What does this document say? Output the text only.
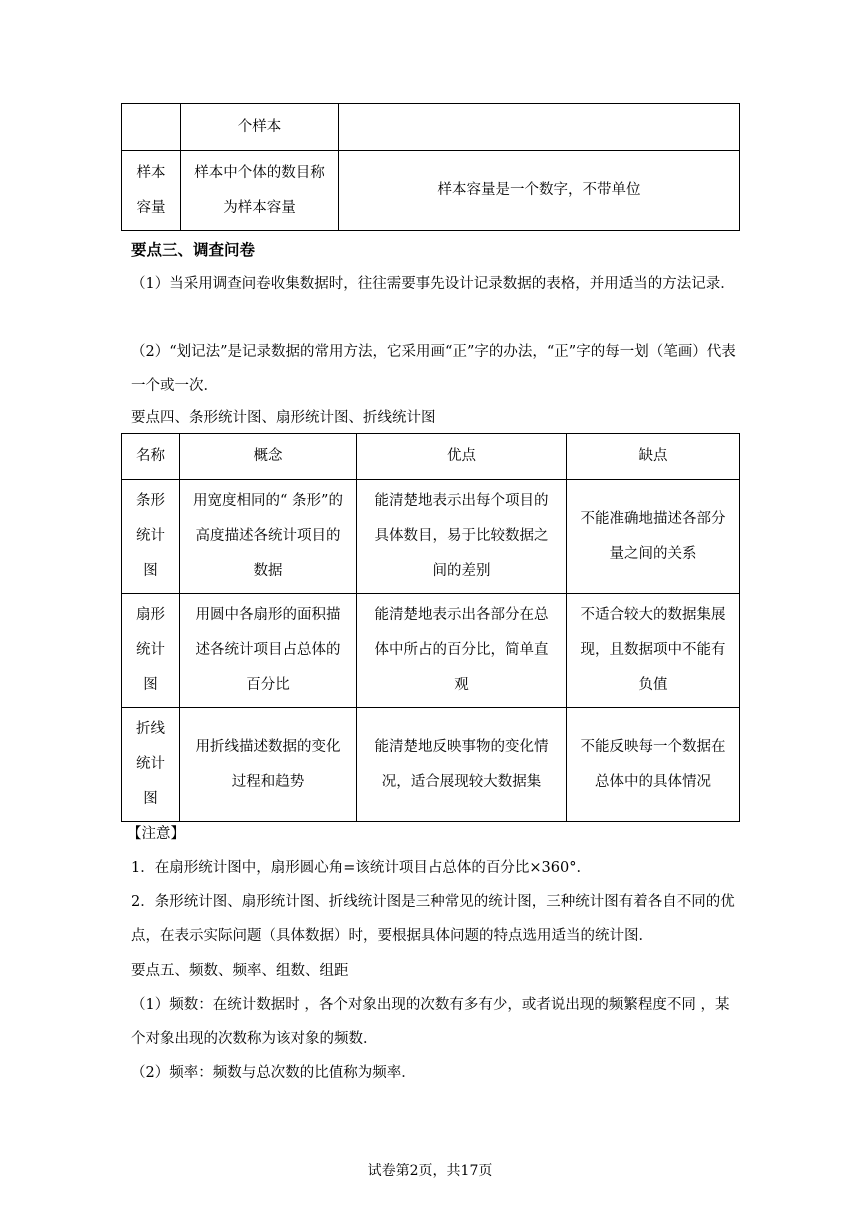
	个样本	
样本容量	样本中个体的数目称为样本容量	样本容量是一个数字，不带单位

要点三、调查问卷

（1）当采用调查问卷收集数据时，往往需要事先设计记录数据的表格，并用适当的方法记录．

（2）“划记法”是记录数据的常用方法，它采用画“正”字的办法，“正”字的每一划（笔画）代表一个或一次．

要点四、条形统计图、扇形统计图、折线统计图

名称	概念	优点	缺点
条形统计图	用宽度相同的“ 条形”的高度描述各统计项目的数据	能清楚地表示出每个项目的具体数目，易于比较数据之间的差别	不能准确地描述各部分量之间的关系
扇形统计图	用圆中各扇形的面积描述各统计项目占总体的百分比	能清楚地表示出各部分在总体中所占的百分比，简单直观	不适合较大的数据集展现，且数据项中不能有负值
折线统计图	用折线描述数据的变化过程和趋势	能清楚地反映事物的变化情况，适合展现较大数据集	不能反映每一个数据在总体中的具体情况

【注意】

1．在扇形统计图中，扇形圆心角=该统计项目占总体的百分比×360°．

2．条形统计图、扇形统计图、折线统计图是三种常见的统计图，三种统计图有着各自不同的优点，在表示实际问题（具体数据）时，要根据具体问题的特点选用适当的统计图．

要点五、频数、频率、组数、组距

（1）频数：在统计数据时 ，各个对象出现的次数有多有少，或者说出现的频繁程度不同 ，某个对象出现的次数称为该对象的频数．

（2）频率：频数与总次数的比值称为频率．

试卷第2页，共17页
